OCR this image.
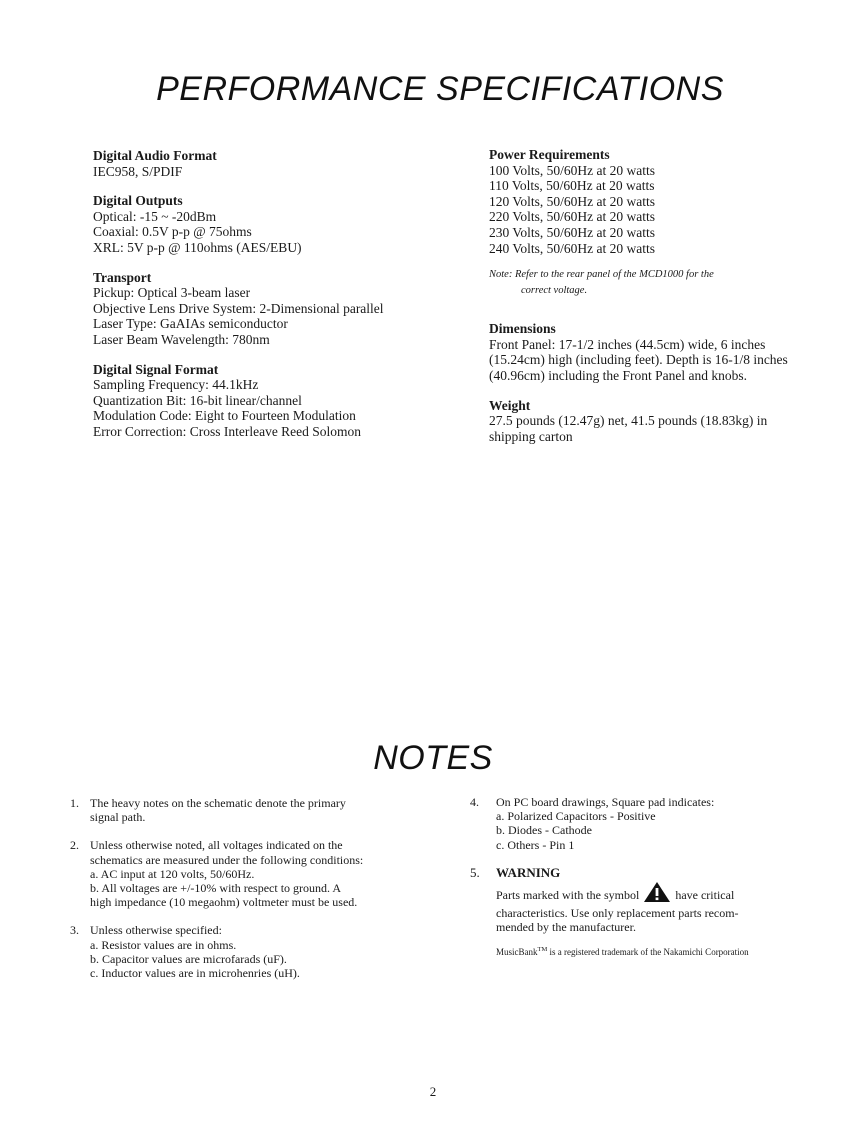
PERFORMANCE SPECIFICATIONS
Digital Audio Format
IEC958, S/PDIF
Digital Outputs
Optical: -15 ~ -20dBm
Coaxial: 0.5V p-p @ 75ohms
XRL: 5V p-p @ 110ohms (AES/EBU)
Transport
Pickup: Optical 3-beam laser
Objective Lens Drive System: 2-Dimensional parallel
Laser Type: GaAIAs semiconductor
Laser Beam Wavelength: 780nm
Digital Signal Format
Sampling Frequency: 44.1kHz
Quantization Bit: 16-bit linear/channel
Modulation Code: Eight to Fourteen Modulation
Error Correction: Cross Interleave Reed Solomon
Power Requirements
100 Volts, 50/60Hz at 20 watts
110 Volts, 50/60Hz at 20 watts
120 Volts, 50/60Hz at 20 watts
220 Volts, 50/60Hz at 20 watts
230 Volts, 50/60Hz at 20 watts
240 Volts, 50/60Hz at 20 watts
Note: Refer to the rear panel of the MCD1000 for the
correct voltage.
Dimensions
Front Panel: 17-1/2 inches (44.5cm) wide, 6 inches (15.24cm) high (including feet). Depth is 16-1/8 inches (40.96cm) including the Front Panel and knobs.
Weight
27.5 pounds (12.47g) net, 41.5 pounds (18.83kg) in shipping carton
NOTES
1. The heavy notes on the schematic denote the primary
signal path.
2. Unless otherwise noted, all voltages indicated on the
schematics are measured under the following conditions:
a. AC input at 120 volts, 50/60Hz.
b. All voltages are +/-10% with respect to ground. A
high impedance (10 megaohm) voltmeter must be used.
3. Unless otherwise specified:
a. Resistor values are in ohms.
b. Capacitor values are microfarads (uF).
c. Inductor values are in microhenries (uH).
4.	On PC board drawings, Square pad indicates:
a. Polarized Capacitors - Positive
b. Diodes - Cathode
c. Others - Pin 1
5.	WARNING
Parts marked with the symbol	have critical
characteristics. Use only replacement parts recom-
mended by the manufacturer.
MusicBank™ is a registered trademark of the Nakamichi Corporation
2
